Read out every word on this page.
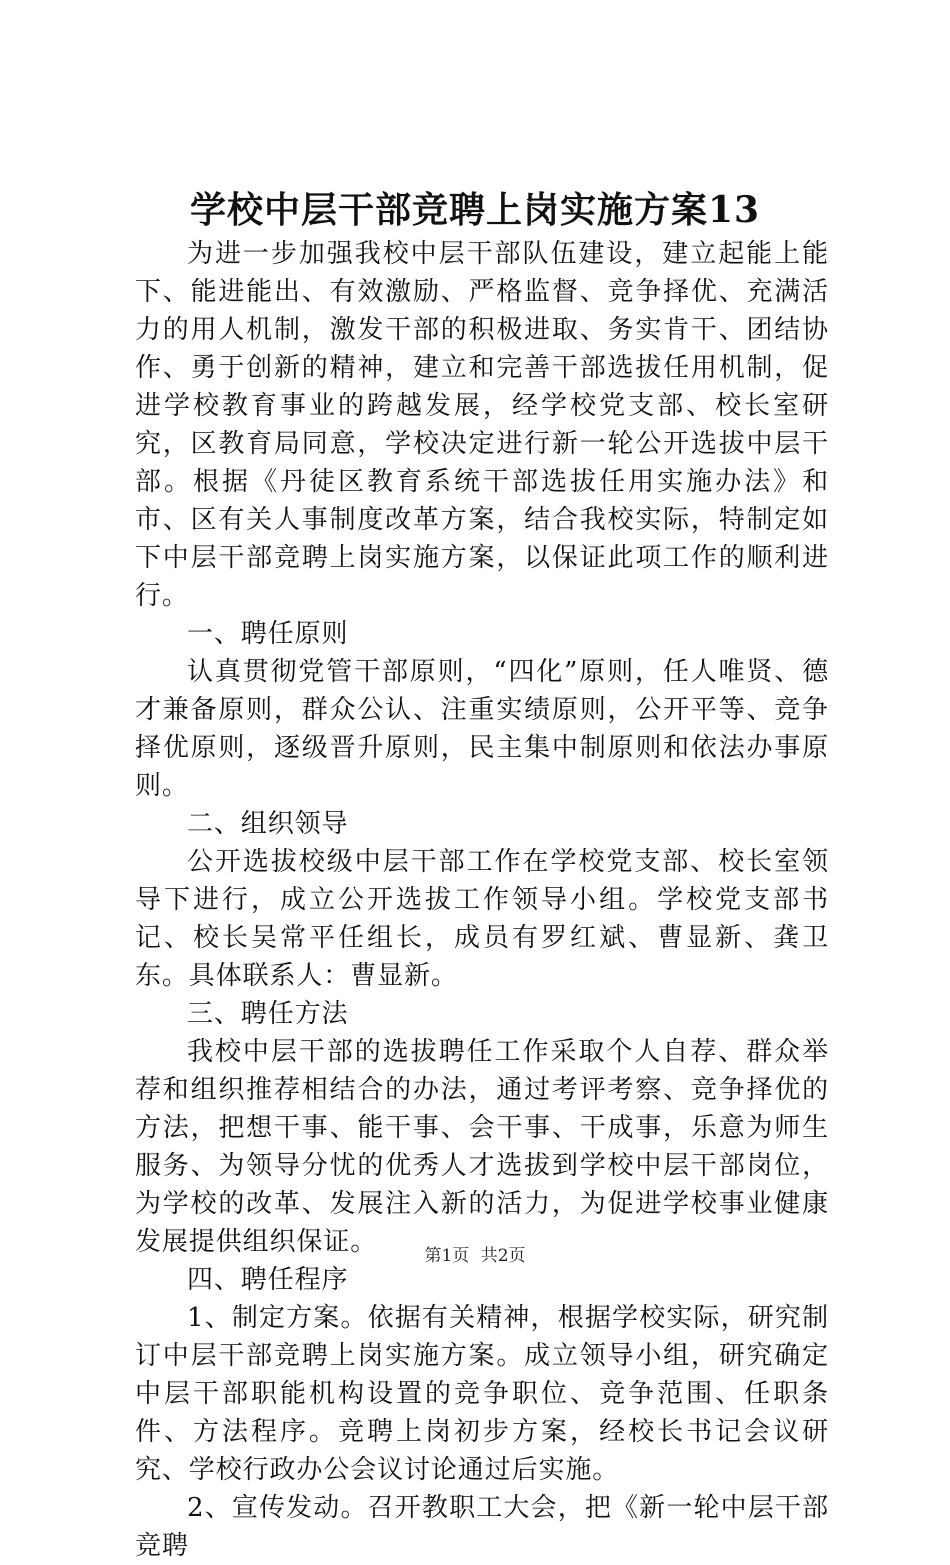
学校中层干部竞聘上岗实施方案13

为进一步加强我校中层干部队伍建设，建立起能上能下、能进能出、有效激励、严格监督、竞争择优、充满活力的用人机制，激发干部的积极进取、务实肯干、团结协作、勇于创新的精神，建立和完善干部选拔任用机制，促进学校教育事业的跨越发展，经学校党支部、校长室研究，区教育局同意，学校决定进行新一轮公开选拔中层干部。根据《丹徒区教育系统干部选拔任用实施办法》和市、区有关人事制度改革方案，结合我校实际，特制定如下中层干部竞聘上岗实施方案，以保证此项工作的顺利进行。

一、聘任原则

认真贯彻党管干部原则，“四化”原则，任人唯贤、德才兼备原则，群众公认、注重实绩原则，公开平等、竞争择优原则，逐级晋升原则，民主集中制原则和依法办事原则。

二、组织领导

公开选拔校级中层干部工作在学校党支部、校长室领导下进行，成立公开选拔工作领导小组。学校党支部书记、校长吴常平任组长，成员有罗红斌、曹显新、龚卫东。具体联系人：曹显新。

三、聘任方法

我校中层干部的选拔聘任工作采取个人自荐、群众举荐和组织推荐相结合的办法，通过考评考察、竞争择优的方法，把想干事、能干事、会干事、干成事，乐意为师生服务、为领导分忧的优秀人才选拔到学校中层干部岗位，为学校的改革、发展注入新的活力，为促进学校事业健康发展提供组织保证。

四、聘任程序

1、制定方案。依据有关精神，根据学校实际，研究制订中层干部竞聘上岗实施方案。成立领导小组，研究确定中层干部职能机构设置的竞争职位、竞争范围、任职条件、方法程序。竞聘上岗初步方案，经校长书记会议研究、学校行政办公会议讨论通过后实施。

2、宣传发动。召开教职工大会，把《新一轮中层干部竞聘

第1页 共2页
